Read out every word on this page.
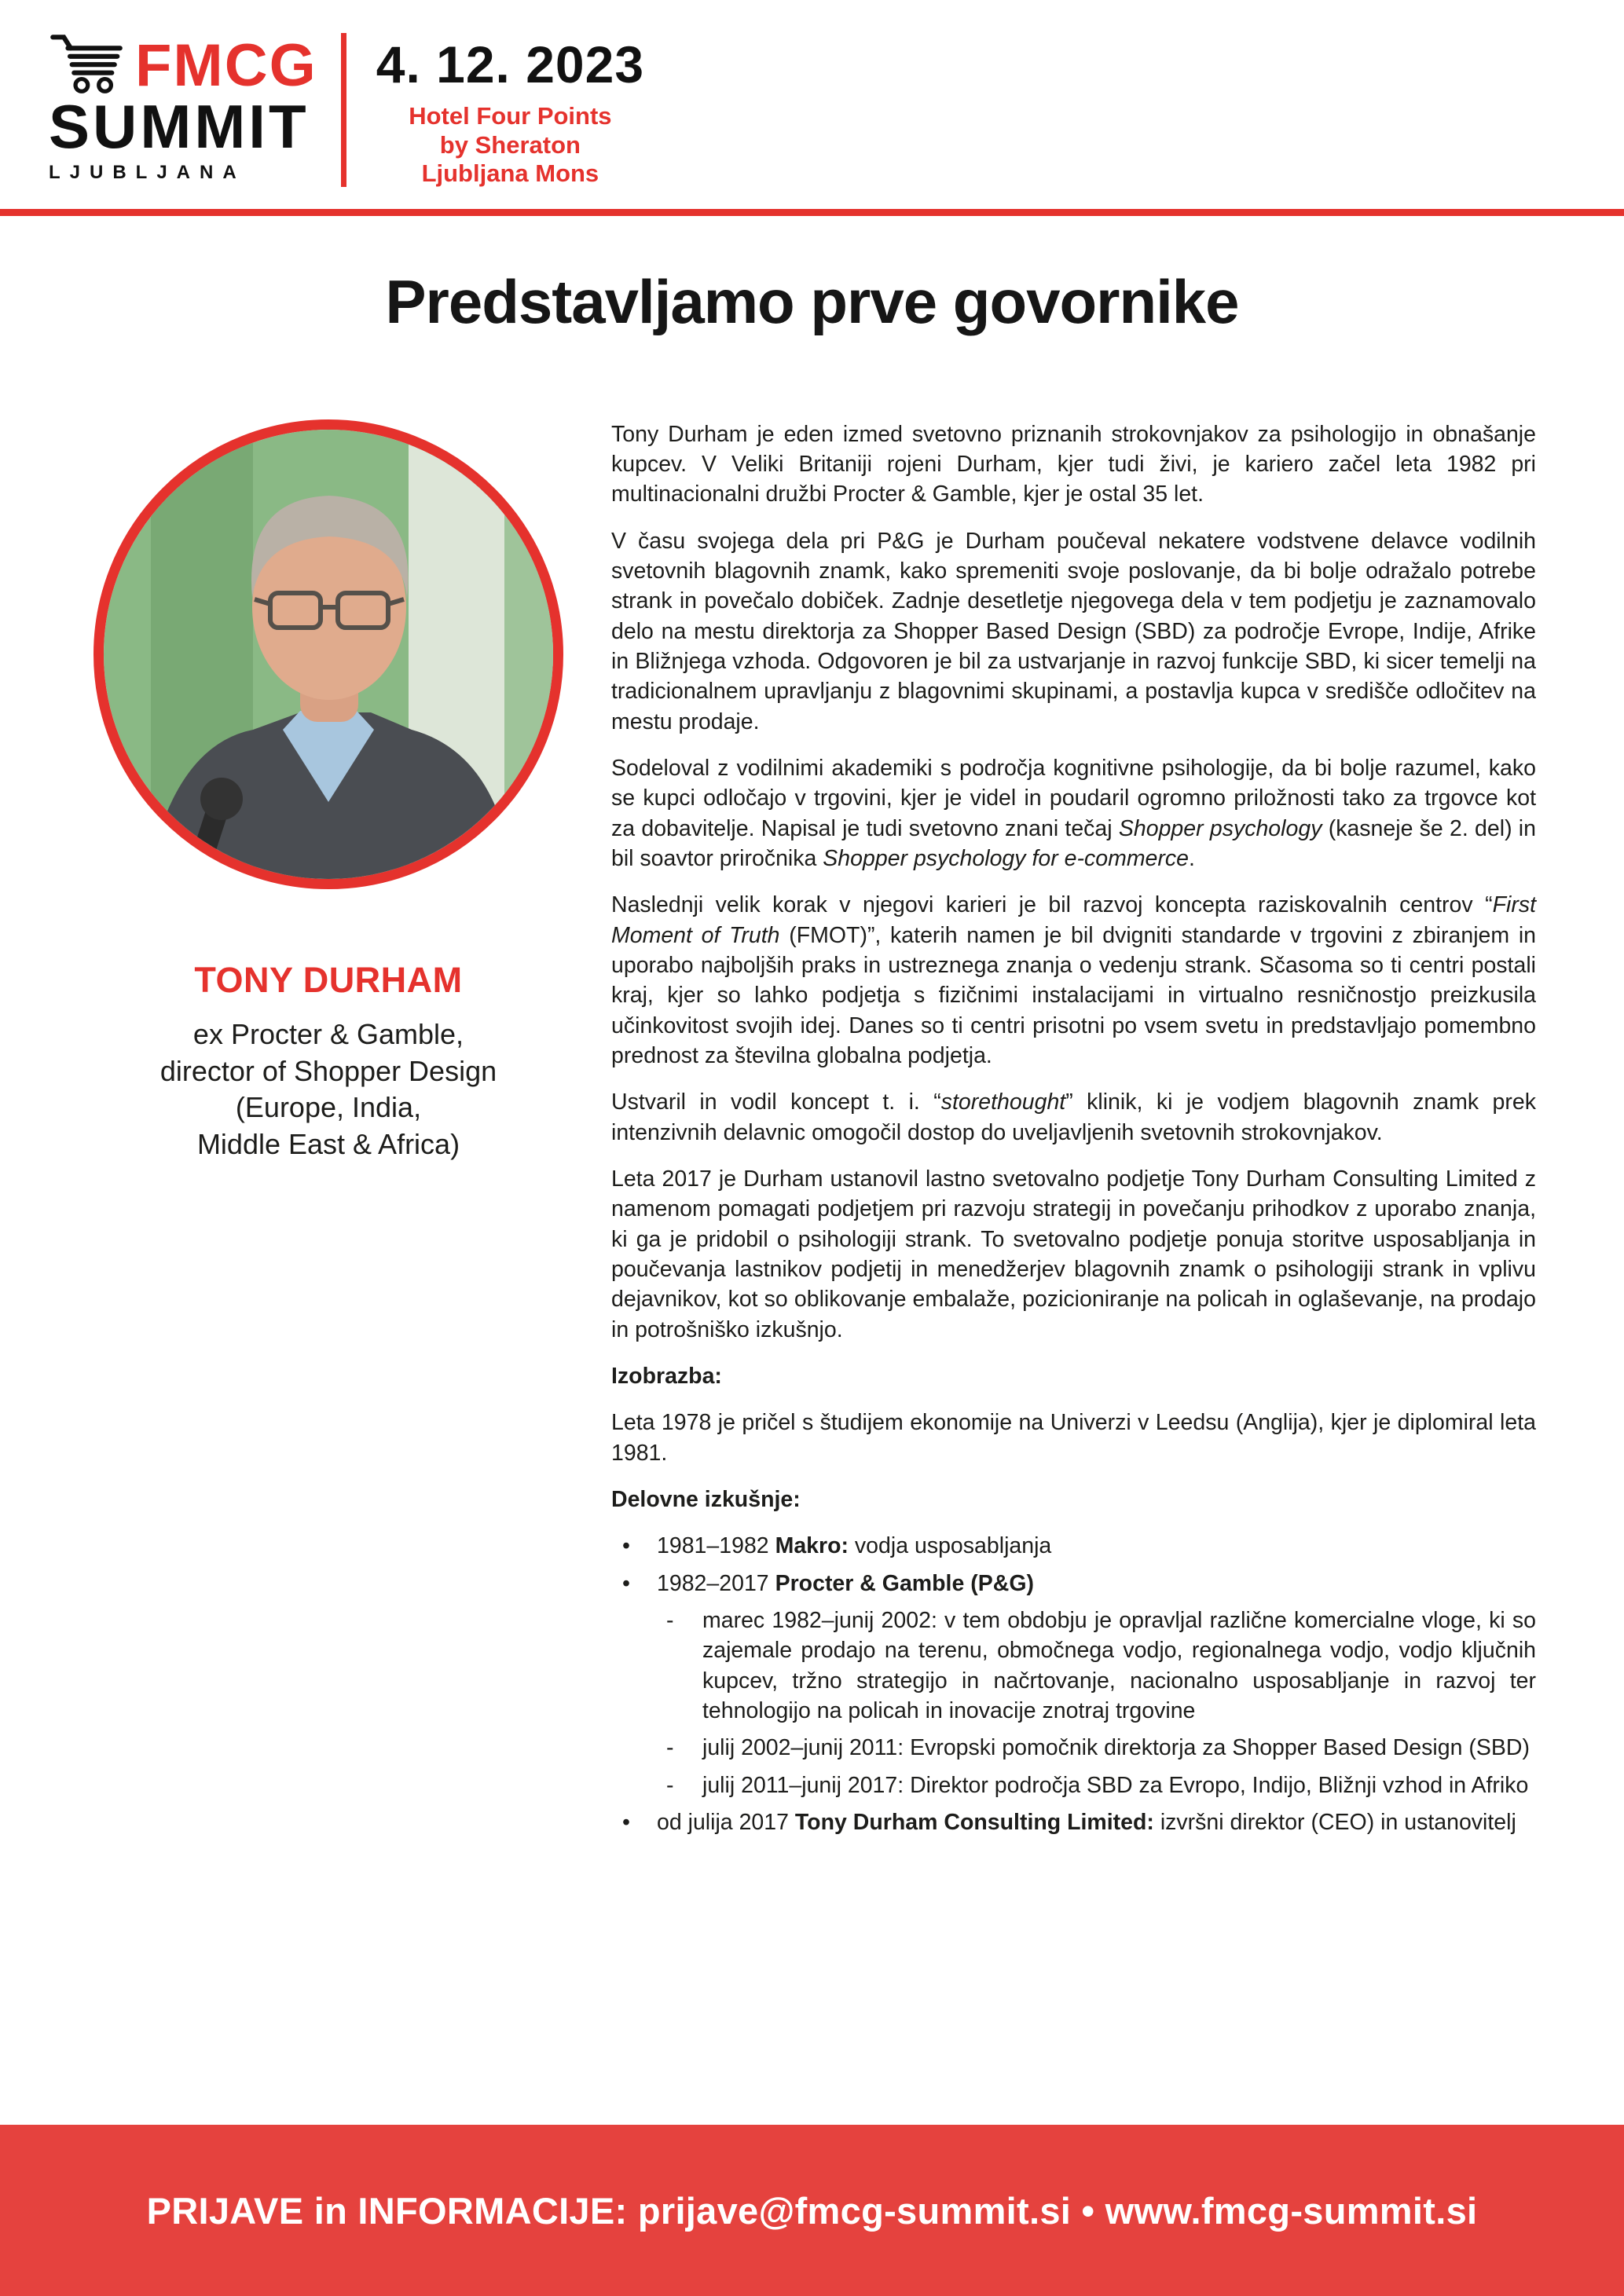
FMCG
SUMMIT
LJUBLJANA
4. 12. 2023
Hotel Four Points
by Sheraton
Ljubljana Mons
Predstavljamo prve govornike
TONY DURHAM
ex Procter & Gamble,
director of Shopper Design
(Europe, India,
Middle East & Africa)
Tony Durham je eden izmed svetovno priznanih strokovnjakov za psihologijo in obnašanje kupcev. V Veliki Britaniji rojeni Durham, kjer tudi živi, je kariero začel leta 1982 pri multinacionalni družbi Procter & Gamble, kjer je ostal 35 let.
V času svojega dela pri P&G je Durham poučeval nekatere vodstvene delavce vodilnih svetovnih blagovnih znamk, kako spremeniti svoje poslovanje, da bi bolje odražalo potrebe strank in povečalo dobiček. Zadnje desetletje njegovega dela v tem podjetju je zaznamovalo delo na mestu direktorja za Shopper Based Design (SBD) za področje Evrope, Indije, Afrike in Bližnjega vzhoda. Odgovoren je bil za ustvarjanje in razvoj funkcije SBD, ki sicer temelji na tradicionalnem upravljanju z blagovnimi skupinami, a postavlja kupca v središče odločitev na mestu prodaje.
Sodeloval z vodilnimi akademiki s področja kognitivne psihologije, da bi bolje razumel, kako se kupci odločajo v trgovini, kjer je videl in poudaril ogromno priložnosti tako za trgovce kot za dobavitelje. Napisal je tudi svetovno znani tečaj Shopper psychology (kasneje še 2. del) in bil soavtor priročnika Shopper psychology for e-commerce.
Naslednji velik korak v njegovi karieri je bil razvoj koncepta raziskovalnih centrov “First Moment of Truth (FMOT)”, katerih namen je bil dvigniti standarde v trgovini z zbiranjem in uporabo najboljših praks in ustreznega znanja o vedenju strank. Sčasoma so ti centri postali kraj, kjer so lahko podjetja s fizičnimi instalacijami in virtualno resničnostjo preizkusila učinkovitost svojih idej. Danes so ti centri prisotni po vsem svetu in predstavljajo pomembno prednost za številna globalna podjetja.
Ustvaril in vodil koncept t. i. “storethought” klinik, ki je vodjem blagovnih znamk prek intenzivnih delavnic omogočil dostop do uveljavljenih svetovnih strokovnjakov.
Leta 2017 je Durham ustanovil lastno svetovalno podjetje Tony Durham Consulting Limited z namenom pomagati podjetjem pri razvoju strategij in povečanju prihodkov z uporabo znanja, ki ga je pridobil o psihologiji strank. To svetovalno podjetje ponuja storitve usposabljanja in poučevanja lastnikov podjetij in menedžerjev blagovnih znamk o psihologiji strank in vplivu dejavnikov, kot so oblikovanje embalaže, pozicioniranje na policah in oglaševanje, na prodajo in potrošniško izkušnjo.
Izobrazba:
Leta 1978 je pričel s študijem ekonomije na Univerzi v Leedsu (Anglija), kjer je diplomiral leta 1981.
Delovne izkušnje:
• 1981–1982 Makro: vodja usposabljanja
• 1982–2017 Procter & Gamble (P&G)
- marec 1982–junij 2002: v tem obdobju je opravljal različne komercialne vloge, ki so zajemale prodajo na terenu, območnega vodjo, regionalnega vodjo, vodjo ključnih kupcev, tržno strategijo in načrtovanje, nacionalno usposabljanje in razvoj ter tehnologijo na policah in inovacije znotraj trgovine
- julij 2002–junij 2011: Evropski pomočnik direktorja za Shopper Based Design (SBD)
- julij 2011–junij 2017: Direktor področja SBD za Evropo, Indijo, Bližnji vzhod in Afriko
• od julija 2017 Tony Durham Consulting Limited: izvršni direktor (CEO) in ustanovitelj
PRIJAVE in INFORMACIJE: prijave@fmcg-summit.si • www.fmcg-summit.si
